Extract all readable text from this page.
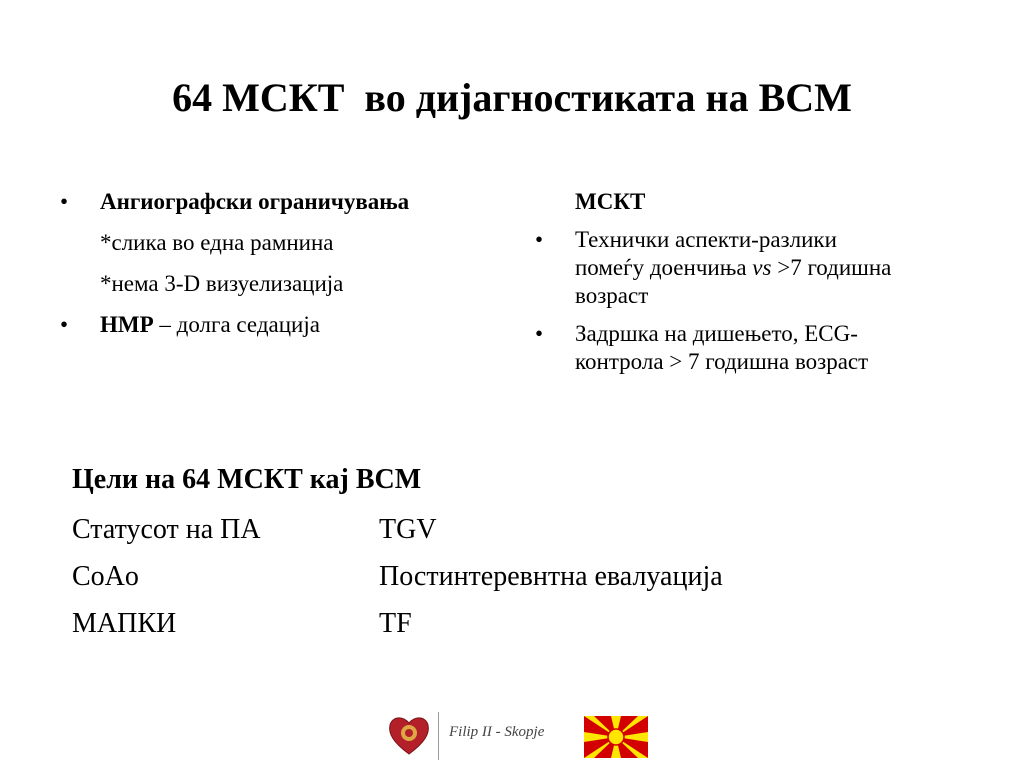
64 МСКТ  во дијагностиката на ВСМ
• Ангиографски ограничувања
*слика во една рамнина
*нема 3-D визуелизација
• НМР – долга седација
МСКТ
• Технички аспекти-разлики
помеѓу доенчиња vs >7 годишна
возраст
• Задршка на дишењето, ECG-
контрола > 7 годишна возраст
Цели на 64 МСКТ кај ВСМ
Статусот на ПА	TGV
CoAo	Постинтеревнтна евалуација
МАПКИ	TF
Filip II - Skopje
